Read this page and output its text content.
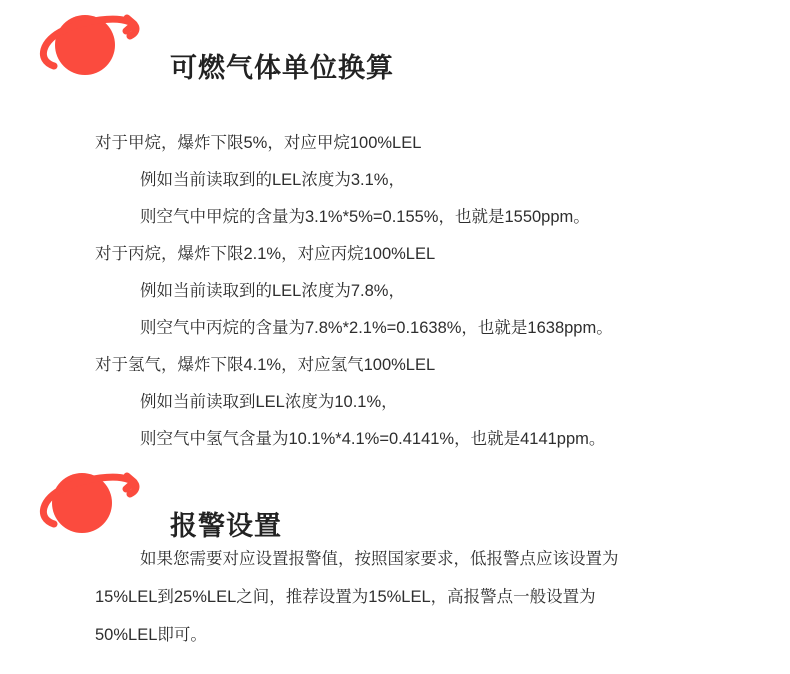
可燃气体单位换算
对于甲烷，爆炸下限5%，对应甲烷100%LEL
例如当前读取到的LEL浓度为3.1%，
则空气中甲烷的含量为3.1%*5%=0.155%，也就是1550ppm。
对于丙烷，爆炸下限2.1%，对应丙烷100%LEL
例如当前读取到的LEL浓度为7.8%，
则空气中丙烷的含量为7.8%*2.1%=0.1638%，也就是1638ppm。
对于氢气，爆炸下限4.1%，对应氢气100%LEL
例如当前读取到LEL浓度为10.1%，
则空气中氢气含量为10.1%*4.1%=0.4141%，也就是4141ppm。
报警设置
如果您需要对应设置报警值，按照国家要求，低报警点应该设置为15%LEL到25%LEL之间，推荐设置为15%LEL，高报警点一般设置为50%LEL即可。
